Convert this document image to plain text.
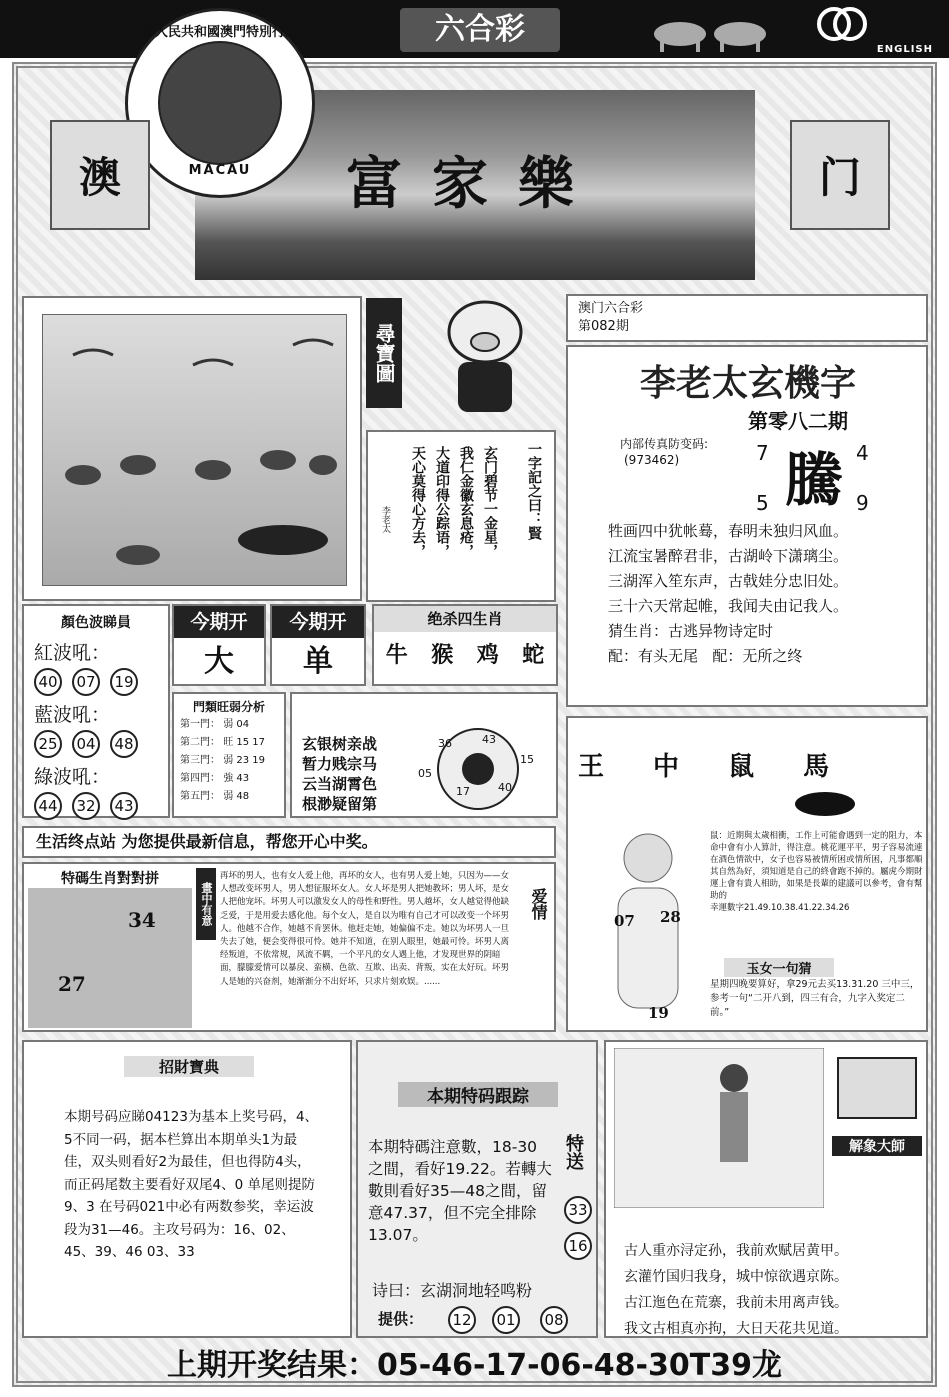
六合彩
ENGLISH
富家樂
中華人民共和國澳門特別行政區
MACAU
澳	门
尋寶圖
一字記之曰：賢
玄门碧节一金星， 我仁金徽玄息疮， 大道印得公踪语， 天心莫得心方去，
李老太
澳门六合彩
第082期
李老太玄機字
第零八二期
内部传真防变码:
(973462)	7	4
5	9
騰
牲画四中犹帐蓦，春明未独归风血。
江流宝暑醉君非，古湖岭下潇璃尘。
三湖浑入笙东声，古戟娃分忠旧处。
三十六天常起帷，我闻夫由记我人。
猜生肖：古逃异物诗定时
配：有头无尾 配：无所之终
顏色波睇員
紅波吼：
40 07 19
藍波吼：
25 04 48
綠波吼：
44 32 43
今期开
大
今期开
单
绝杀四生肖
牛 猴 鸡 蛇
門類旺弱分析
第一門： 弱 04
第二門： 旺 15 17
第三門： 弱 23 19
第四門： 強 43
第五門： 弱 48
玄银树亲战
暂力贱宗马
云当湖霄色
根渺疑留第
36	43
05
15
17	40
生活终点站 为您提供最新信息，帮您开心中奖。
特碼生肖對對拼
34
27
畫中有意
再坏的男人，也有女人爱上他，再坏的女人，也有男人爱上她，只因为——女人想改变坏男人，男人想征服坏女人。女人坏是男人把她教坏；男人坏，是女人把他宠坏。坏男人可以激发女人的母性和野性。男人越坏，女人越觉得他缺乏爱，于是用爱去感化他。每个女人，是自以为唯有自己才可以改变一个坏男人。他越不合作，她越不肯罢休。他赶走她，她偏偏不走。她以为坏男人一旦失去了她，便会变得很可怜。她并不知道，在别人眼里，她最可怜。坏男人离经叛道，不依常规，风流不羁，一个平凡的女人遇上他，才发现世界的阴暗面，朦朦爱情可以暴戾、蛮横、色欲、互欺、出卖、背叛，实在太好玩。坏男人是她的兴奋剂，她渐渐分不出好坏，只求片刻欢娱。......
爱情
王 中 鼠 馬
07 28
19
鼠：近期與太歲相衝，工作上可能會遇到一定的阻力，本命中會有小人算計，得注意。桃花運平平，男子容易流連在酒色情欲中，女子也容易被情所困或情所困，凡事都順其自然為好，須知道是自己的終會跑不掉的。屬虎今期財運上會有貴人相助，如果是長輩的建議可以參考，會有幫助的
幸運數字21.49.10.38.41.22.34.26
玉女一句猜
星期四晚要算好，拿29元去买13.31.20 三中三，参考一句“二开八到，四三有合，九字入奖定二前。”
招財寶典
本期号码应睇04123为基本上奖号码，4、5不同一码，据本栏算出本期单头1为最佳，双头则看好2为最佳，但也得防4头，而正码尾数主要看好双尾4、0 单尾则提防9、3 在号码021中必有两数参奖，幸运波段为31—46。主攻号码为：16、02、45、39、46 03、33
本期特码跟踪
本期特碼注意數，18-30之間，看好19.22。若轉大數則看好35—48之間，留意47.37，但不完全排除13.07。
特送
33
16
诗曰：玄湖洞地轻鸣粉
提供： 12 01 08
解象大師
古人重亦浔定孙，我前欢赋居黄甲。
玄灌竹国归我身，城中惊欲遇京陈。
古江迤色在荒寨，我前未用离声钱。
我文古相真亦拘，大日天花共见道。
上期开奖结果：05-46-17-06-48-30T39龙
